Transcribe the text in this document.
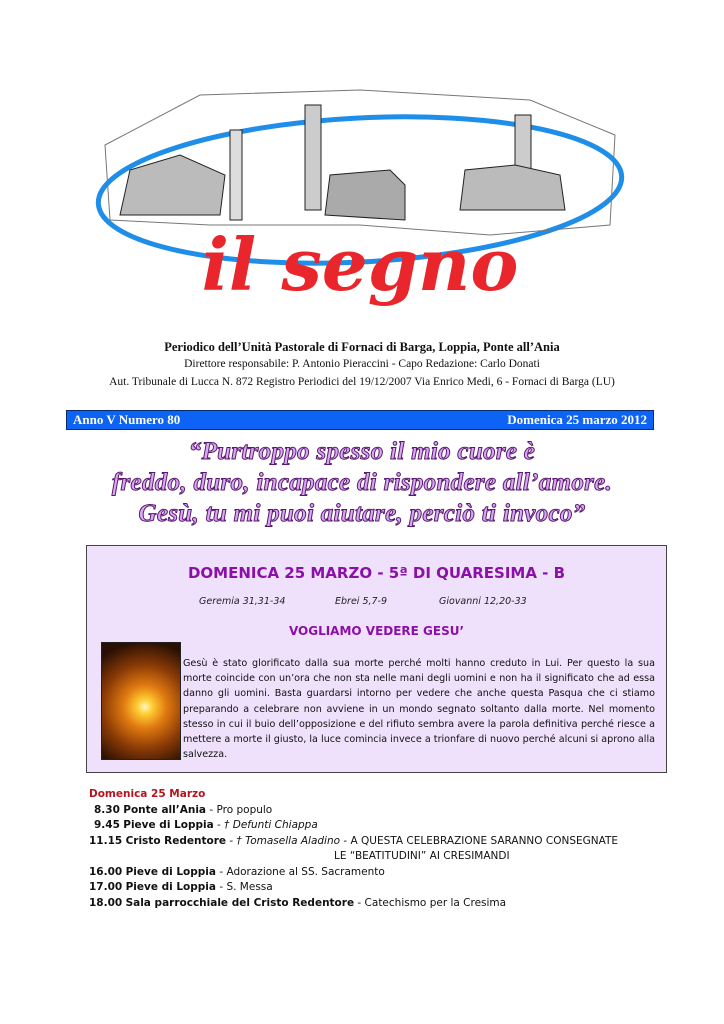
il segno
Periodico dell’Unità Pastorale di Fornaci di Barga, Loppia, Ponte all’Ania
Direttore responsabile: P. Antonio Pieraccini - Capo Redazione: Carlo Donati
Aut. Tribunale di Lucca N. 872 Registro Periodici del 19/12/2007 Via Enrico Medi, 6 - Fornaci di Barga (LU)
Anno V Numero 80	Domenica 25 marzo 2012
“Purtroppo spesso il mio cuore è
freddo, duro, incapace di rispondere all’amore.
Gesù, tu mi puoi aiutare, perciò ti invoco”
DOMENICA 25 MARZO - 5ª DI QUARESIMA - B
Geremia 31,31-34	Ebrei 5,7-9	Giovanni 12,20-33
VOGLIAMO VEDERE GESU’
Gesù è stato glorificato dalla sua morte perché molti hanno creduto in Lui. Per questo la sua morte coincide con un’ora che non sta nelle mani degli uomini e non ha il significato che ad essa danno gli uomini. Basta guardarsi intorno per vedere che anche questa Pasqua che ci stiamo preparando a celebrare non avviene in un mondo segnato soltanto dalla morte. Nel momento stesso in cui il buio dell’opposizione e del rifiuto sembra avere la parola definitiva perché riesce a mettere a morte il giusto, la luce comincia invece a trionfare di nuovo perché alcuni si aprono alla salvezza.
Domenica 25 Marzo
8.30 Ponte all’Ania - Pro populo
9.45 Pieve di Loppia - † Defunti Chiappa
11.15 Cristo Redentore - † Tomasella Aladino - A QUESTA CELEBRAZIONE SARANNO CONSEGNATE
LE “BEATITUDINI” AI CRESIMANDI
16.00 Pieve di Loppia - Adorazione al SS. Sacramento
17.00 Pieve di Loppia - S. Messa
18.00 Sala parrocchiale del Cristo Redentore - Catechismo per la Cresima
